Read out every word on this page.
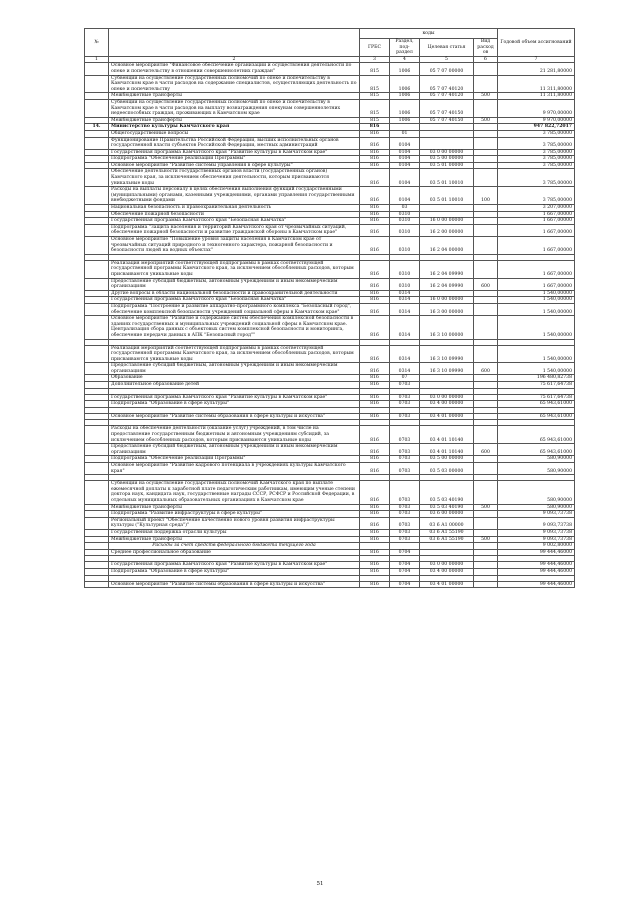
№		коды				Годовой объем ассигнований
		ГРБС	Раздел, под-раздел	Целевая статья	Вид расходов	
1	2	3	4	5	6	7
	Основное мероприятие "Финансовое обеспечение организации и осуществления деятельности по опеке и попечительству в отношении совершеннолетних граждан"	815	1006	05 7 07 00000		21 281,80000
	Субвенции на осуществление государственных полномочий по опеке и попечительству в Камчатском крае в части расходов на содержание специалистов, осуществляющих деятельность по опеке и попечительству	815	1006	05 7 07 40120		11 311,80000
	Межбюджетные трансферты	815	1006	05 7 07 40120	500	11 311,80000
	Субвенции на осуществление государственных полномочий по опеке и попечительству в Камчатском крае в части расходов на выплату вознаграждения опекунам совершеннолетних недееспособных граждан, проживающих в Камчатском крае	815	1006	05 7 07 40150		9 970,00000
	Межбюджетные трансферты	815	1006	05 7 07 40150	500	9 970,00000
14.	Министерство культуры Камчатского края	816				947 822,72017
	Общегосударственные вопросы	816	01			3 785,00000
	Функционирование Правительства Российской Федерации, высших исполнительных органов государственной власти субъектов Российской Федерации, местных администраций	816	0104			3 785,00000
	Государственная программа Камчатского края "Развитие культуры в Камчатском крае"	816	0104	03 0 00 00000		3 785,00000
	Подпрограмма "Обеспечение реализации Программы"	816	0104	03 5 00 00000		3 785,00000
	Основное мероприятие "Развитие системы управления в сфере культуры"	816	0104	03 5 01 00000		3 785,00000
	Обеспечение деятельности государственных органов власти (государственных органов) Камчатского края, за исключением обеспечения деятельности, которым присваиваются уникальные коды	816	0104	03 5 01 10010		3 785,00000
	Расходы на выплаты персоналу в целях обеспечения выполнения функций государственными (муниципальными) органами, казенными учреждениями, органами управления государственными внебюджетными фондами	816	0104	03 5 01 10010	100	3 785,00000
	Национальная безопасность и правоохранительная деятельность	816	03			3 207,00000
	Обеспечение пожарной безопасности	816	0310			1 667,00000
	Государственная программа Камчатского края "Безопасная Камчатка"	816	0310	16 0 00 00000		1 667,00000
	Подпрограмма "Защита населения и территорий Камчатского края от чрезвычайных ситуаций, обеспечение пожарной безопасности и развитие гражданской обороны в Камчатском крае"	816	0310	16 2 00 00000		1 667,00000
	Основное мероприятие "Повышение уровня защиты населения в Камчатском крае от чрезвычайных ситуаций природного и техногенного характера, пожарной безопасности и безопасности людей на водных объектах"	816	0310	16 2 04 00000		1 667,00000

	Реализация мероприятий соответствующей подпрограммы в рамках соответствующей государственной программы Камчатского края, за исключением обособленных расходов, которым присваиваются уникальные коды	816	0310	16 2 04 09990		1 667,00000
	Предоставление субсидий бюджетным, автономным учреждениям и иным некоммерческим организациям	816	0310	16 2 04 09990	600	1 667,00000
	Другие вопросы в области национальной безопасности и правоохранительной деятельности	816	0314			1 540,00000
	Государственная программа Камчатского края "Безопасная Камчатка"	816	0314	16 0 00 00000		1 540,00000
	Подпрограмма "Построение и развитие аппаратно-программного комплекса "Безопасный город", обеспечение комплексной безопасности учреждений социальной сферы в Камчатском крае"	816	0314	16 3 00 00000		1 540,00000
	Основное мероприятие "Развитие и содержание систем обеспечения комплексной безопасности в зданиях государственных и муниципальных учреждений социальной сферы в Камчатском крае. Централизация сбора данных с объектовых систем комплексной безопасности и мониторинга, обеспечение передачи данных в АПК "Безопасный город""	816	0314	16 3 10 00000		1 540,00000

	Реализация мероприятий соответствующей подпрограммы в рамках соответствующей государственной программы Камчатского края, за исключением обособленных расходов, которым присваиваются уникальные коды	816	0314	16 3 10 09990		1 540,00000
	Предоставление субсидий бюджетным, автономным учреждениям и иным некоммерческим организациям	816	0314	16 3 10 09990	600	1 540,00000
	Образование	816	07			196 480,82738
	Дополнительное образование детей	816	0703			75 617,64738

	Государственная программа Камчатского края "Развитие культуры в Камчатском крае"	816	0703	03 0 00 00000		75 617,64738
	Подпрограмма "Образование в сфере культуры"	816	0703	03 4 00 00000		65 943,61000

	Основное мероприятие "Развитие системы образования в сфере культуры и искусства"	816	0703	03 4 01 00000		65 943,61000

	Расходы на обеспечение деятельности (оказание услуг) учреждений, в том числе на предоставление государственным бюджетным и автономным учреждениям субсидий, за исключением обособленных расходов, которым присваиваются уникальные коды	816	0703	03 4 01 10140		65 943,61000
	Предоставление субсидий бюджетным, автономным учреждениям и иным некоммерческим организациям	816	0703	03 4 01 10140	600	65 943,61000
	Подпрограмма "Обеспечение реализации Программы"	816	0703	03 5 00 00000		580,90000
	Основное мероприятие "Развитие кадрового потенциала в учреждениях культуры Камчатского края"	816	0703	03 5 03 00000		580,90000

	Субвенции на осуществление государственных полномочий Камчатского края по выплате ежемесячной доплаты к заработной плате педагогическим работникам, имеющим ученые степени доктора наук, кандидата наук, государственные награды СССР, РСФСР и Российской Федерации, в отдельных муниципальных образовательных организациях в Камчатском крае	816	0703	03 5 03 40190		580,90000
	Межбюджетные трансферты	816	0703	03 5 03 40190	500	580,90000
	Подпрограмма "Развитие инфраструктуры в сфере культуры"	816	0703	03 6 00 00000		9 093,73738
	Региональный проект "Обеспечение качественно нового уровня развития инфраструктуры культуры ("Культурная среда")"	816	0703	03 6 А1 00000		9 093,73738
	Государственная поддержка отрасли культуры	816	0703	03 6 А1 55190		9 093,73738
	Межбюджетные трансферты	816	0703	03 6 А1 55190	500	9 093,73738
	Расходы за счет средств федерального бюджета текущего года					9 002,80000
	Среднее профессиональное образование	816	0704			99 444,46000

	Государственная программа Камчатского края "Развитие культуры в Камчатском крае"	816	0704	03 0 00 00000		99 444,46000
	Подпрограмма "Образование в сфере культуры"	816	0704	03 4 00 00000		99 444,46000

	Основное мероприятие "Развитие системы образования в сфере культуры и искусства"	816	0704	03 4 01 00000		99 444,46000
51
